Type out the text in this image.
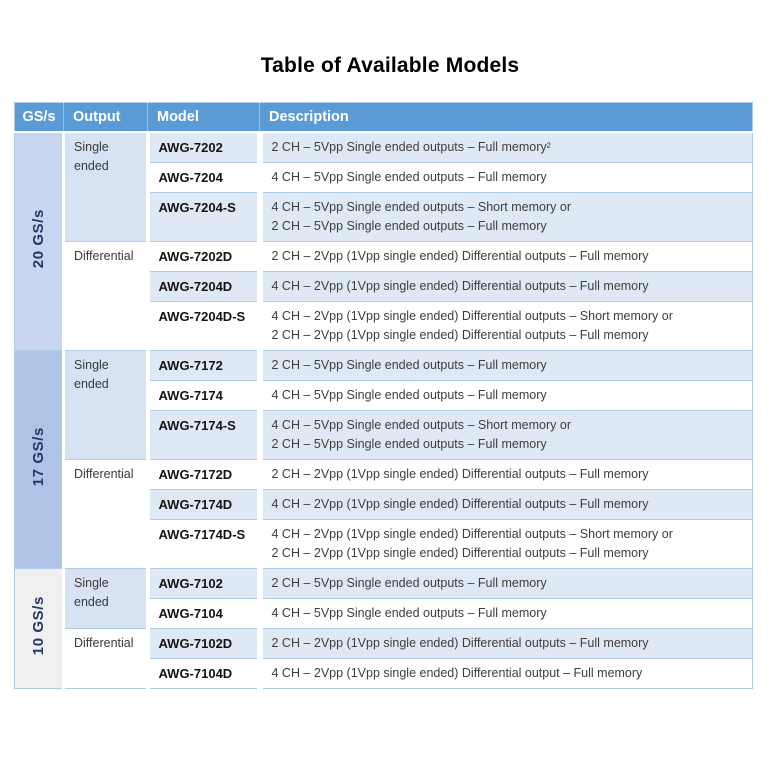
Table of Available Models
GS/s	Output	Model	Description
20 GS/s	Single ended	AWG-7202	2 CH – 5Vpp Single ended outputs – Full memory²

		AWG-7204	4 CH – 5Vpp Single ended outputs – Full memory

		AWG-7204-S	4 CH – 5Vpp Single ended outputs – Short memory or
2 CH – 5Vpp Single ended outputs – Full memory

	Differential	AWG-7202D	2 CH – 2Vpp (1Vpp single ended) Differential outputs – Full memory

		AWG-7204D	4 CH – 2Vpp (1Vpp single ended) Differential outputs – Full memory

		AWG-7204D-S	4 CH – 2Vpp (1Vpp single ended) Differential outputs – Short memory or
2 CH – 2Vpp (1Vpp single ended) Differential outputs – Full memory

17 GS/s	Single ended	AWG-7172	2 CH – 5Vpp Single ended outputs – Full memory

		AWG-7174	4 CH – 5Vpp Single ended outputs – Full memory

		AWG-7174-S	4 CH – 5Vpp Single ended outputs – Short memory or
2 CH – 5Vpp Single ended outputs – Full memory

	Differential	AWG-7172D	2 CH – 2Vpp (1Vpp single ended) Differential outputs – Full memory

		AWG-7174D	4 CH – 2Vpp (1Vpp single ended) Differential outputs – Full memory

		AWG-7174D-S	4 CH – 2Vpp (1Vpp single ended) Differential outputs – Short memory or
2 CH – 2Vpp (1Vpp single ended) Differential outputs – Full memory

10 GS/s	Single ended	AWG-7102	2 CH – 5Vpp Single ended outputs – Full memory

		AWG-7104	4 CH – 5Vpp Single ended outputs – Full memory

	Differential	AWG-7102D	2 CH – 2Vpp (1Vpp single ended) Differential outputs – Full memory

		AWG-7104D	4 CH – 2Vpp (1Vpp single ended) Differential output – Full memory
